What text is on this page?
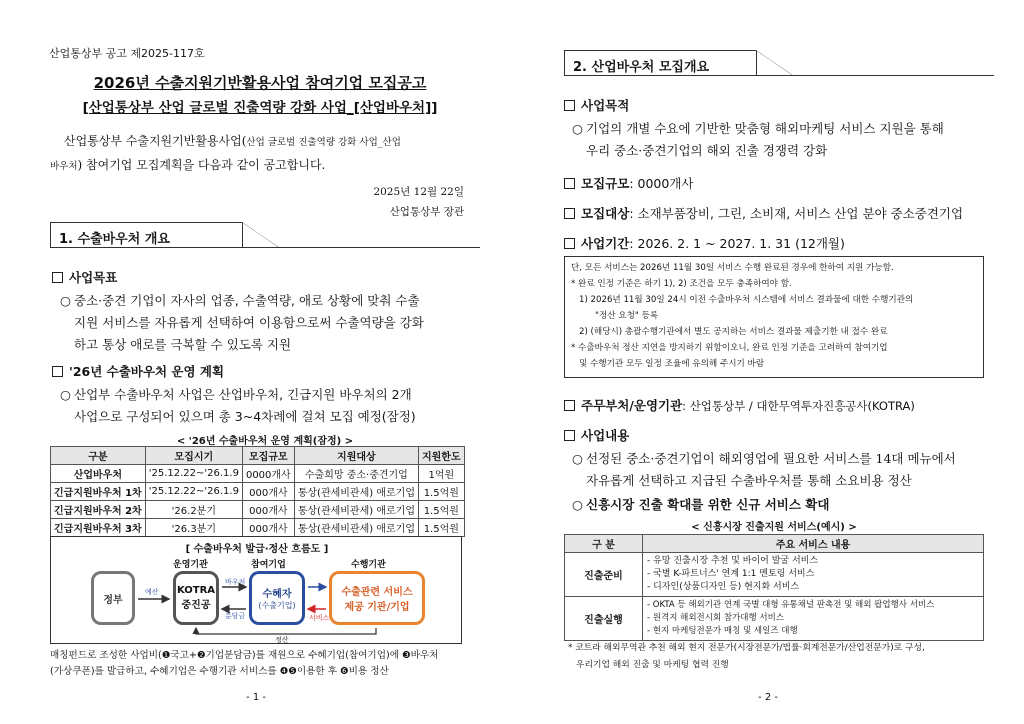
산업통상부 공고 제2025-117호
2026년 수출지원기반활용사업 참여기업 모집공고
[산업통상부 산업 글로벌 진출역량 강화 사업_[산업바우처]]
산업통상부 수출지원기반활용사업(산업 글로벌 진출역량 강화 사업_산업
바우처) 참여기업 모집계획을 다음과 같이 공고합니다.
2025년 12월 22일
산업통상부 장관
1. 수출바우처 개요
사업목표
○ 중소·중견 기업이 자사의 업종, 수출역량, 애로 상황에 맞춰 수출
지원 서비스를 자유롭게 선택하여 이용함으로써 수출역량을 강화
하고 통상 애로를 극복할 수 있도록 지원
'26년 수출바우처 운영 계획
○ 산업부 수출바우처 사업은 산업바우처, 긴급지원 바우처의 2개
사업으로 구성되어 있으며 총 3~4차례에 걸쳐 모집 예정(잠정)
< '26년 수출바우처 운영 계획(잠정) >
구분	모집시기	모집규모	지원대상	지원한도
산업바우처	'25.12.22~'26.1.9	0000개사	수출희망 중소·중견기업	1억원
긴급지원바우처 1차	'25.12.22~'26.1.9	000개사	통상(관세비관세) 애로기업	1.5억원
긴급지원바우처 2차	'26.2분기	000개사	통상(관세비관세) 애로기업	1.5억원
긴급지원바우처 3차	'26.3분기	000개사	통상(관세비관세) 애로기업	1.5억원
[ 수출바우처 발급·정산 흐름도 ]
운영기관	참여기업	수행기관
정부
KOTRA
중진공
수혜자
(수출기업)
수출관련 서비스
제공 기관/기업
예산
바우처
분담금	서비스
정산
매칭펀드로 조성한 사업비(❶국고+❷기업분담금)를 재원으로 수혜기업(참여기업)에 ❸바우처
(가상쿠폰)를 발급하고, 수혜기업은 수행기관 서비스를 ❹❺이용한 후 ❻비용 정산
- 1 -
2. 산업바우처 모집개요
사업목적
○ 기업의 개별 수요에 기반한 맞춤형 해외마케팅 서비스 지원을 통해
우리 중소·중견기업의 해외 진출 경쟁력 강화
모집규모: 0000개사
모집대상: 소재부품장비, 그린, 소비재, 서비스 산업 분야 중소중견기업
사업기간: 2026. 2. 1 ~ 2027. 1. 31 (12개월)
단, 모든 서비스는 2026년 11월 30일 서비스 수행 완료된 경우에 한하여 지원 가능함.
* 완료 인정 기준은 하기 1), 2) 조건을 모두 충족하여야 함.
1) 2026년 11월 30일 24시 이전 수출바우처 시스템에 서비스 결과물에 대한 수행기관의
"정산 요청" 등록
2) (해당시) 총괄수행기관에서 별도 공지하는 서비스 결과물 제출기한 내 접수 완료
* 수출바우처 정산 지연을 방지하기 위함이오니, 완료 인정 기준을 고려하여 참여기업
및 수행기관 모두 일정 조율에 유의해 주시기 바람
주무부처/운영기관: 산업통상부 / 대한무역투자진흥공사(KOTRA)
사업내용
○ 선정된 중소·중견기업이 해외영업에 필요한 서비스를 14대 메뉴에서
자유롭게 선택하고 지급된 수출바우처를 통해 소요비용 정산
○ 신흥시장 진출 확대를 위한 신규 서비스 확대
< 신흥시장 진출지원 서비스(예시) >
구 분	주요 서비스 내용
진출준비	- 유망 진출시장 추천 및 바이어 발굴 서비스
- 국별 K-파트너스' 연계 1:1 멘토링 서비스
- 디자인(상품디자인 등) 현지화 서비스

진출실행	- OKTA 등 해외기관 연계 국별 대형 유통채널 판촉전 및 해외 팝업행사 서비스
- 원격지 해외전시회 참가대행 서비스
- 현지 마케팅전문가 매칭 및 세일즈 대행
* 코트라 해외무역관 추천 해외 현지 전문가(시장전문가/법률·회계전문가/산업전문가)로 구성,
우리기업 해외 진출 및 마케팅 협력 진행
- 2 -
